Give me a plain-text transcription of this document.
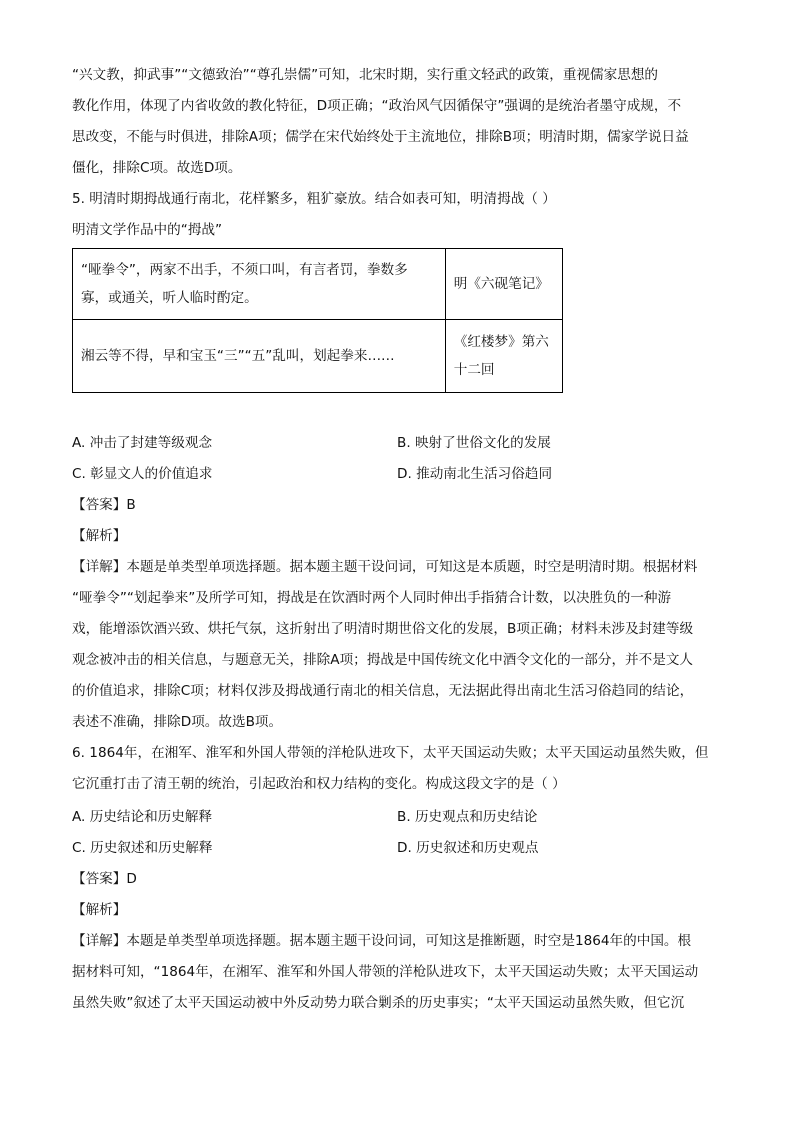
“兴文教，抑武事”“文德致治”“尊孔崇儒”可知，北宋时期，实行重文轻武的政策，重视儒家思想的
教化作用，体现了内省收敛的教化特征，D项正确；“政治风气因循保守”强调的是统治者墨守成规，不
思改变，不能与时俱进，排除A项；儒学在宋代始终处于主流地位，排除B项；明清时期，儒家学说日益
僵化，排除C项。故选D项。
5. 明清时期拇战通行南北，花样繁多，粗犷豪放。结合如表可知，明清拇战（ ）
明清文学作品中的“拇战”
“哑拳令”，两家不出手，不须口叫，有言者罚，拳数多
寡，或通关，听人临时酌定。	明《六砚笔记》

湘云等不得，早和宝玉“三”“五”乱叫，划起拳来……	《红楼梦》第六
十二回
A. 冲击了封建等级观念	B. 映射了世俗文化的发展
C. 彰显文人的价值追求	D. 推动南北生活习俗趋同
【答案】B
【解析】
【详解】本题是单类型单项选择题。据本题主题干设问词，可知这是本质题，时空是明清时期。根据材料
“哑拳令”“划起拳来”及所学可知，拇战是在饮酒时两个人同时伸出手指猜合计数，以决胜负的一种游
戏，能增添饮酒兴致、烘托气氛，这折射出了明清时期世俗文化的发展，B项正确；材料未涉及封建等级
观念被冲击的相关信息，与题意无关，排除A项；拇战是中国传统文化中酒令文化的一部分，并不是文人
的价值追求，排除C项；材料仅涉及拇战通行南北的相关信息，无法据此得出南北生活习俗趋同的结论，
表述不准确，排除D项。故选B项。
6. 1864年，在湘军、淮军和外国人带领的洋枪队进攻下，太平天国运动失败；太平天国运动虽然失败，但
它沉重打击了清王朝的统治，引起政治和权力结构的变化。构成这段文字的是（ ）
A. 历史结论和历史解释	B. 历史观点和历史结论
C. 历史叙述和历史解释	D. 历史叙述和历史观点
【答案】D
【解析】
【详解】本题是单类型单项选择题。据本题主题干设问词，可知这是推断题，时空是1864年的中国。根
据材料可知，“1864年，在湘军、淮军和外国人带领的洋枪队进攻下，太平天国运动失败；太平天国运动
虽然失败”叙述了太平天国运动被中外反动势力联合剿杀的历史事实；“太平天国运动虽然失败，但它沉
